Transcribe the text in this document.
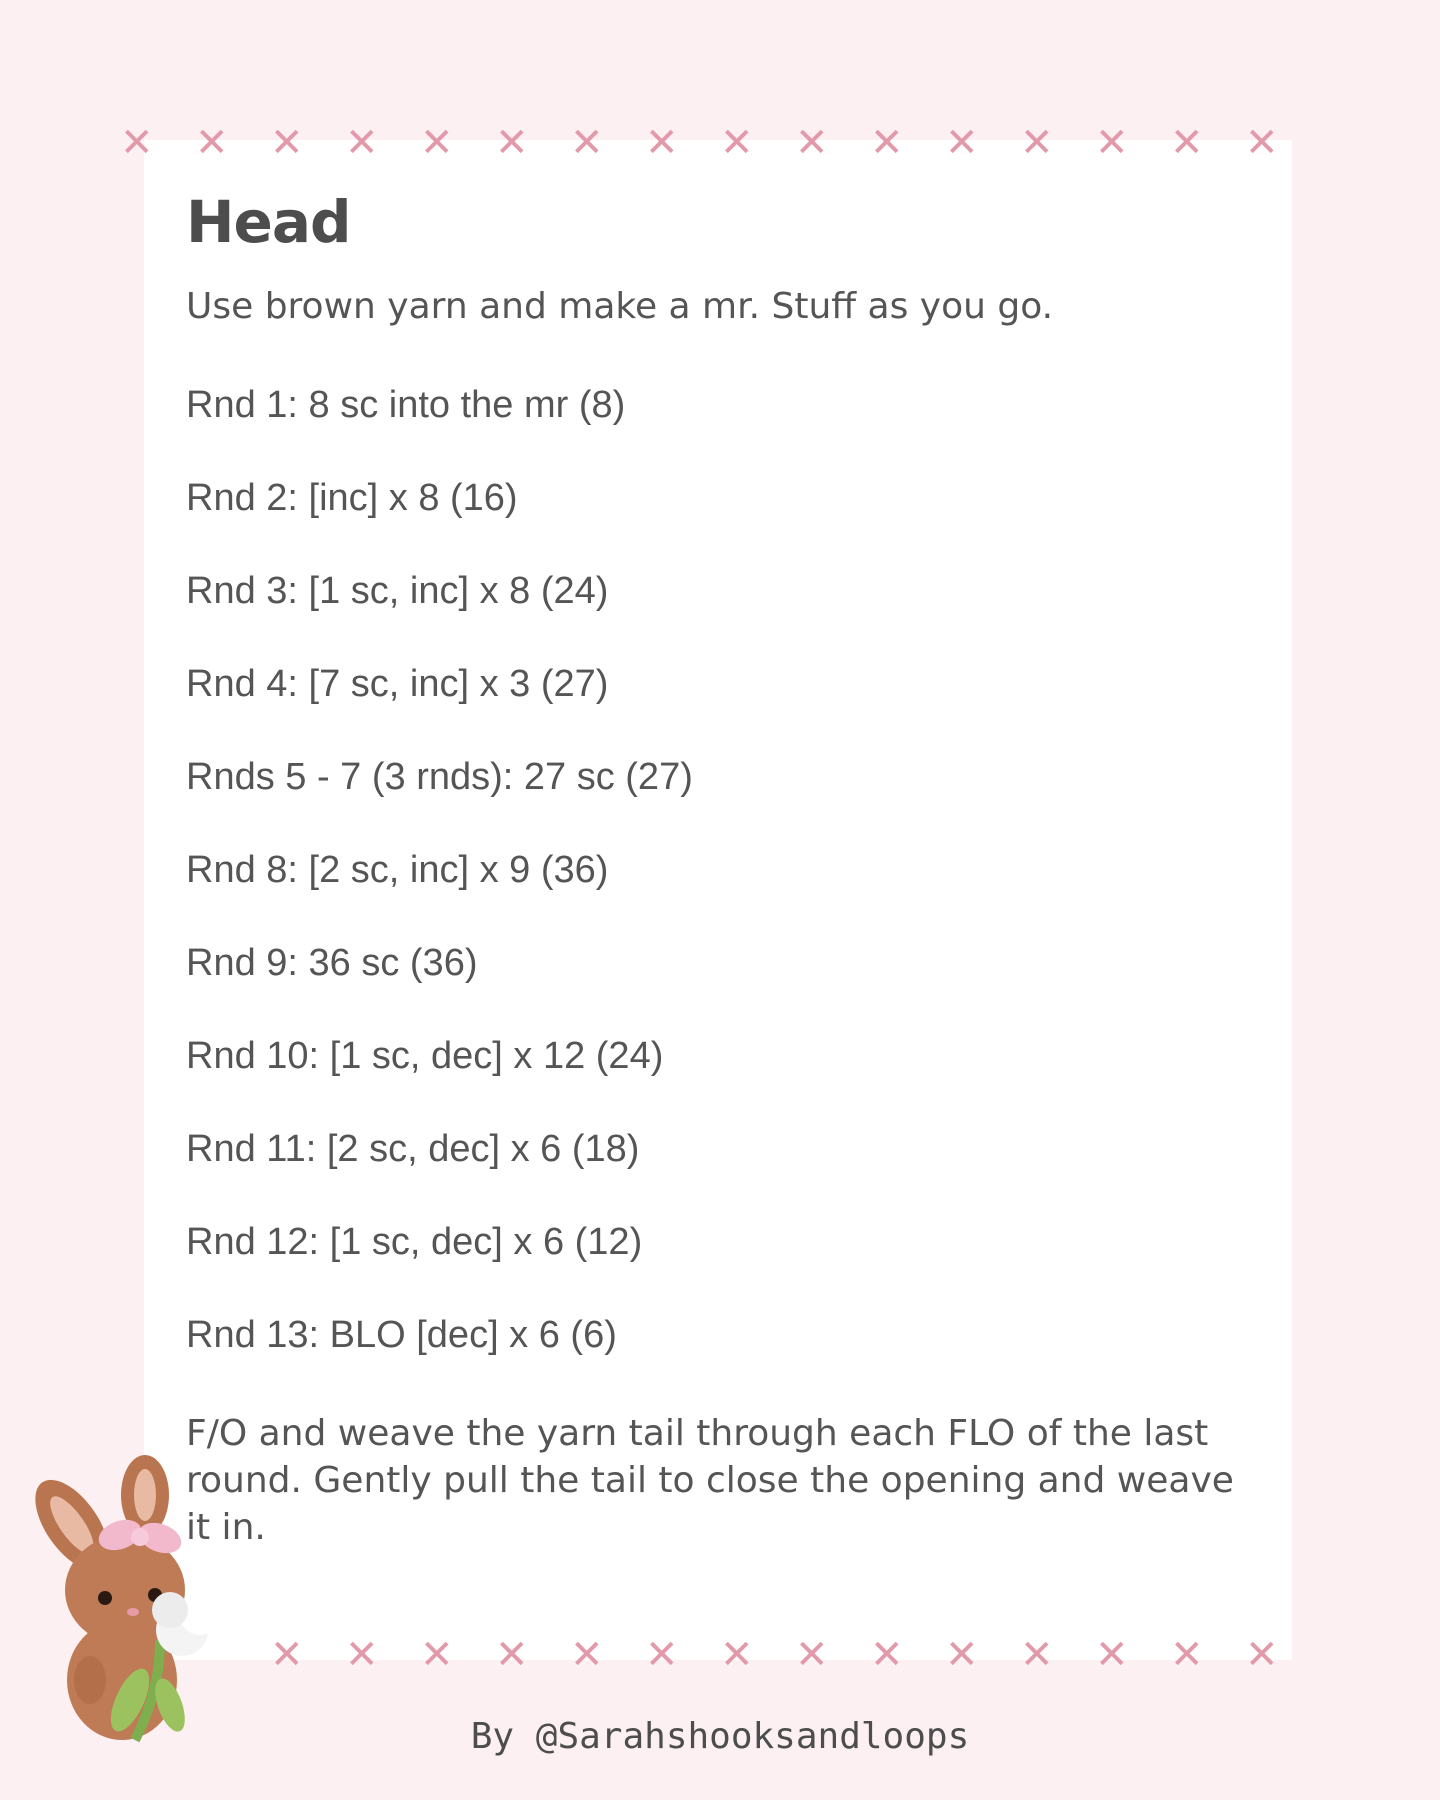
✕ ✕ ✕ ✕ ✕ ✕ ✕ ✕ ✕ ✕ ✕ ✕ ✕ ✕ ✕ ✕
Head

Use brown yarn and make a mr. Stuff as you go.

Rnd 1: 8 sc into the mr (8)
Rnd 2: [inc] x 8 (16)
Rnd 3: [1 sc, inc] x 8 (24)
Rnd 4: [7 sc, inc] x 3 (27)
Rnds 5 - 7 (3 rnds): 27 sc (27)
Rnd 8: [2 sc, inc] x 9 (36)
Rnd 9: 36 sc (36)
Rnd 10: [1 sc, dec] x 12 (24)
Rnd 11: [2 sc, dec] x 6 (18)
Rnd 12: [1 sc, dec] x 6 (12)
Rnd 13: BLO [dec] x 6 (6)

F/O and weave the yarn tail through each FLO of the last round. Gently pull the tail to close the opening and weave it in.

✕ ✕ ✕ ✕ ✕ ✕ ✕ ✕ ✕ ✕ ✕ ✕ ✕ ✕

By @Sarahshooksandloops
